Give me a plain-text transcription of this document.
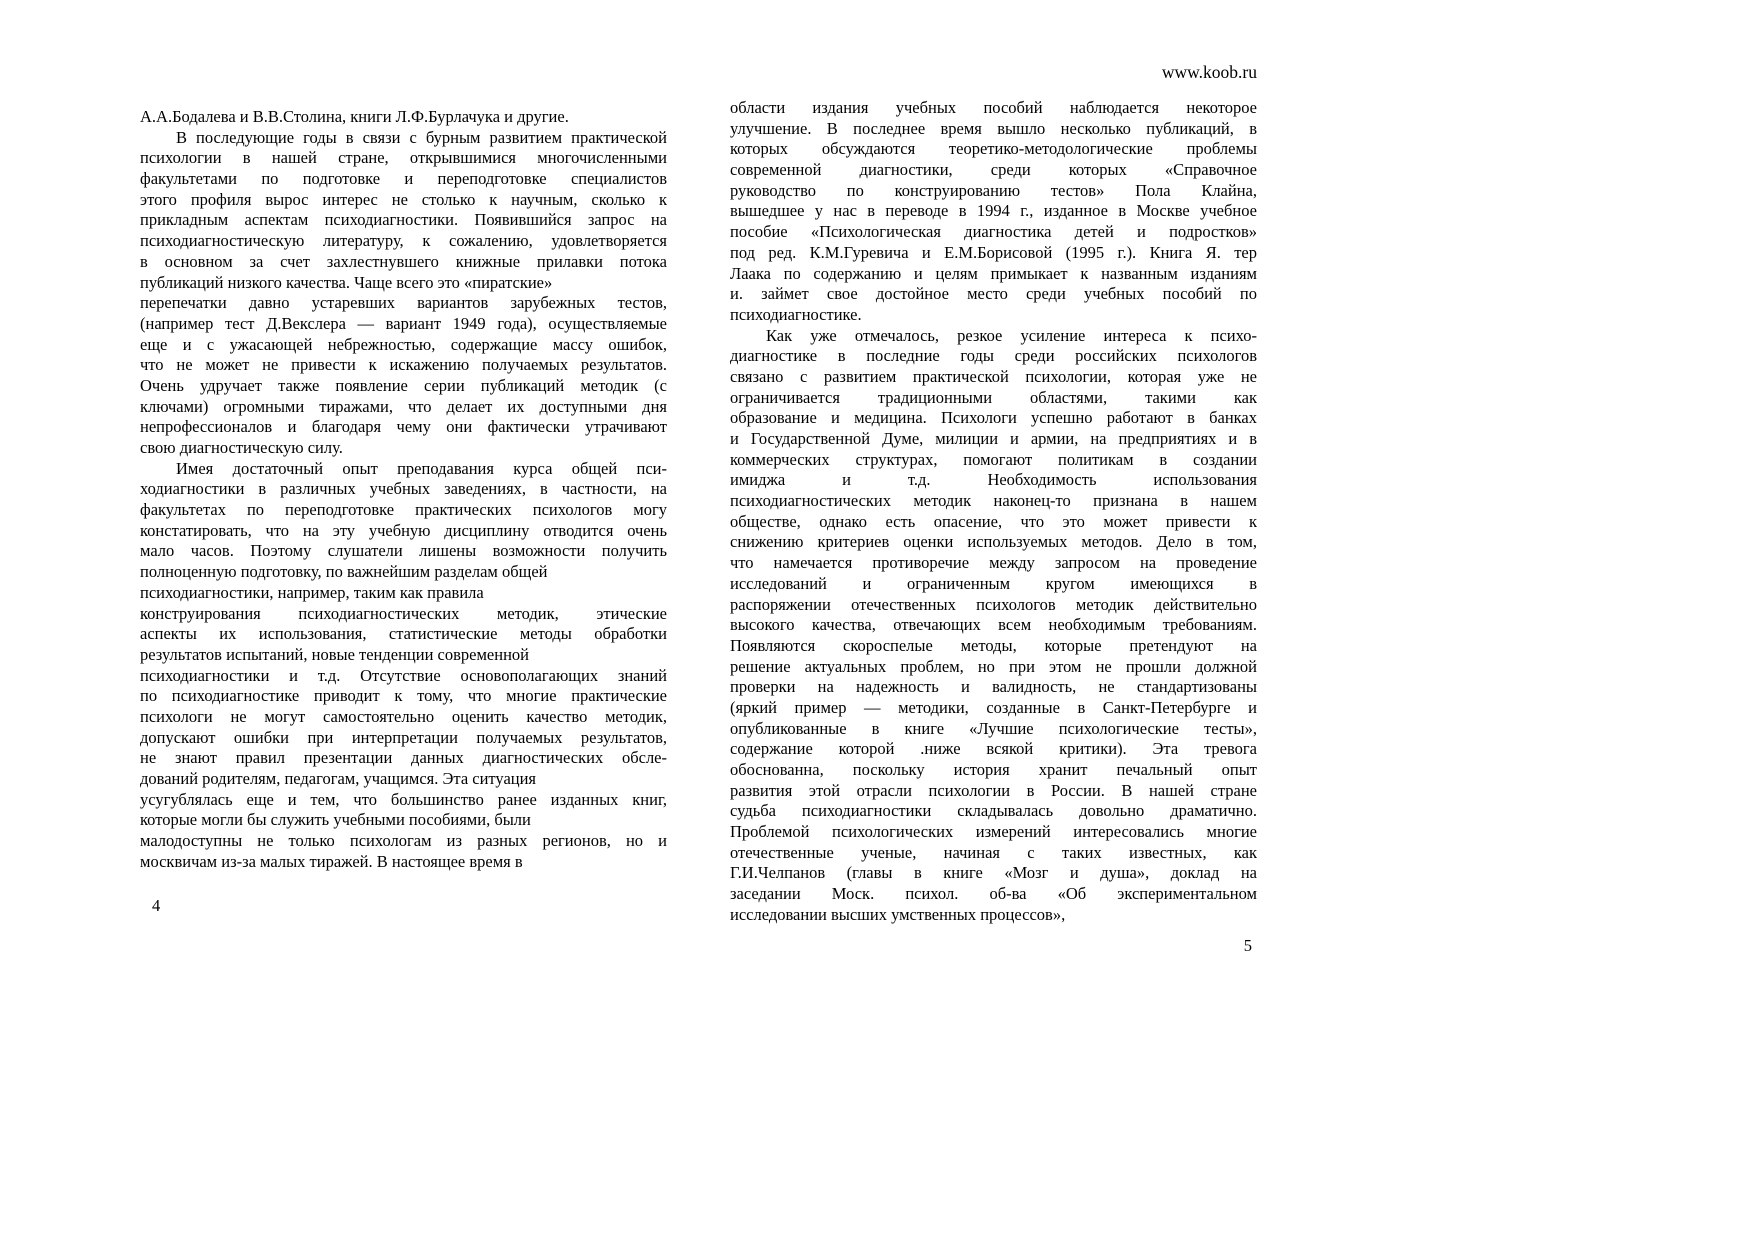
www.koob.ru
А.А.Бодалева и В.В.Столина, книги Л.Ф.Бурлачука и другие.
В последующие годы в связи с бурным развитием практической
психологии в нашей стране, открывшимися многочисленными
факультетами по подготовке и переподготовке специалистов
этого профиля вырос интерес не столько к научным, сколько к
прикладным аспектам психодиагностики. Появившийся запрос на
психодиагностическую литературу, к сожалению, удовлетворяется
в основном за счет захлестнувшего книжные прилавки потока
публикаций низкого качества. Чаще всего это «пиратские»
перепечатки давно устаревших вариантов зарубежных тестов,
(например тест Д.Векслера — вариант 1949 года), осуществляемые
еще и с ужасающей небрежностью, содержащие массу ошибок,
что не может не привести к искажению получаемых результатов.
Очень удручает также появление серии публикаций методик (с
ключами) огромными тиражами, что делает их доступными дня
непрофессионалов и благодаря чему они фактически утрачивают
свою диагностическую силу.
Имея достаточный опыт преподавания курса общей пси-
ходиагностики в различных учебных заведениях, в частности, на
факультетах по переподготовке практических психологов могу
констатировать, что на эту учебную дисциплину отводится очень
мало часов. Поэтому слушатели лишены возможности получить
полноценную подготовку, по важнейшим разделам общей
психодиагностики, например, таким как правила
конструирования психодиагностических методик, этические
аспекты их использования, статистические методы обработки
результатов испытаний, новые тенденции современной
психодиагностики и т.д. Отсутствие основополагающих знаний
по психодиагностике приводит к тому, что многие практические
психологи не могут самостоятельно оценить качество методик,
допускают ошибки при интерпретации получаемых результатов,
не знают правил презентации данных диагностических обсле-
дований родителям, педагогам, учащимся. Эта ситуация
усугублялась еще и тем, что большинство ранее изданных книг,
которые могли бы служить учебными пособиями, были
малодоступны не только психологам из разных регионов, но и
москвичам из-за малых тиражей. В настоящее время в
области издания учебных пособий наблюдается некоторое
улучшение. В последнее время вышло несколько публикаций, в
которых обсуждаются теоретико-методологические проблемы
современной диагностики, среди которых «Справочное
руководство по конструированию тестов» Пола Клайна,
вышедшее у нас в переводе в 1994 г., изданное в Москве учебное
пособие «Психологическая диагностика детей и подростков»
под ред. К.М.Гуревича и Е.М.Борисовой (1995 г.). Книга Я. тер
Лаака по содержанию и целям примыкает к названным изданиям
и. займет свое достойное место среди учебных пособий по
психодиагностике.
Как уже отмечалось, резкое усиление интереса к психо-
диагностике в последние годы среди российских психологов
связано с развитием практической психологии, которая уже не
ограничивается традиционными областями, такими как
образование и медицина. Психологи успешно работают в банках
и Государственной Думе, милиции и армии, на предприятиях и в
коммерческих структурах, помогают политикам в создании
имиджа и т.д. Необходимость использования
психодиагностических методик наконец-то признана в нашем
обществе, однако есть опасение, что это может привести к
снижению критериев оценки используемых методов. Дело в том,
что намечается противоречие между запросом на проведение
исследований и ограниченным кругом имеющихся в
распоряжении отечественных психологов методик действительно
высокого качества, отвечающих всем необходимым требованиям.
Появляются скороспелые методы, которые претендуют на
решение актуальных проблем, но при этом не прошли должной
проверки на надежность и валидность, не стандартизованы
(яркий пример — методики, созданные в Санкт-Петербурге и
опубликованные в книге «Лучшие психологические тесты»,
содержание которой .ниже всякой критики). Эта тревога
обоснованна, поскольку история хранит печальный опыт
развития этой отрасли психологии в России. В нашей стране
судьба психодиагностики складывалась довольно драматично.
Проблемой психологических измерений интересовались многие
отечественные ученые, начиная с таких известных, как
Г.И.Челпанов (главы в книге «Мозг и душа», доклад на
заседании Моск. психол. об-ва «Об экспериментальном
исследовании высших умственных процессов»,
4
5
